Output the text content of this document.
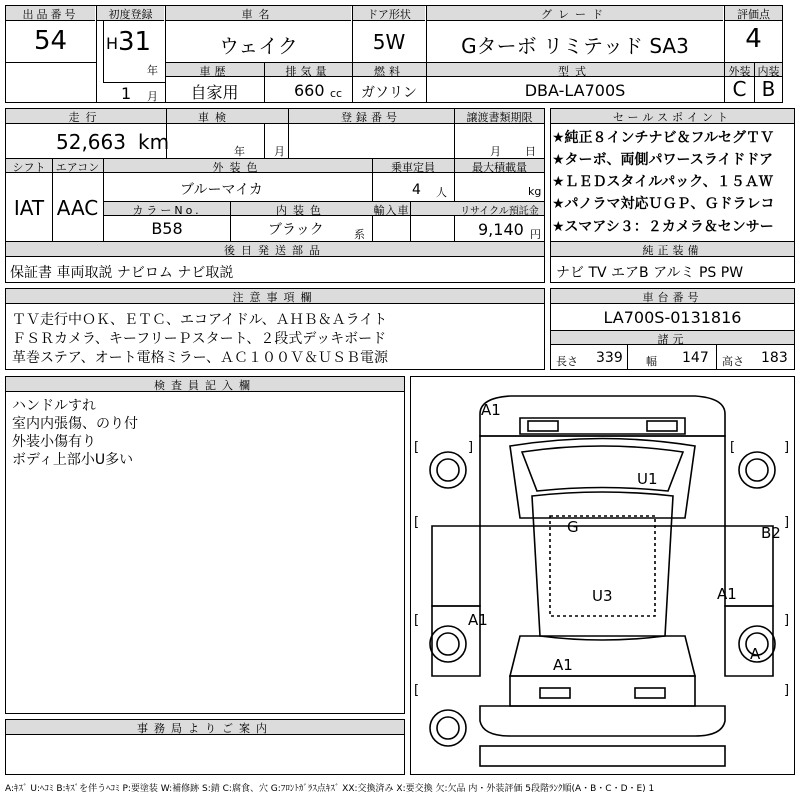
出品番号
54
初度登録
H 31
年
車名
ウェイク
ドア形状
5W
グレード
Gターボ リミテッド SA3
評価点
4
1 月
車歴
自家用
排気量
660 cc
燃料
ガソリン
型式
DBA-LA700S
外装 内装
C B
走行
52,663 km
車検
年	月
登録番号	譲渡書類期限
月 日
シフト エアコン
IAT AAC
外装色
ブルーマイカ
乗車定員
4 人
最大積載量
kg
カラーNo.
B58
内装色
ブラック	系
輸入車	リサイクル預託金
9,140 円
後日発送部品
保証書 車両取説 ナビロム ナビ取説
セールスポイント
★純正８インチナビ＆フルセグＴＶ
★ターボ、両側パワースライドドア
★ＬＥＤスタイルパック、１５ＡＷ
★パノラマ対応ＵＧＰ、Ｇドラレコ
★スマアシ３：２カメラ＆センサー
純正装備
ナビ TV エアB アルミ PS PW
注意事項欄
ＴＶ走行中ＯＫ、ＥＴＣ、エコアイドル、ＡＨＢ＆Ａライト
ＦＳＲカメラ、キーフリーＰスタート、２段式デッキボード
革巻ステア、オート電格ミラー、ＡＣ１００Ｖ＆ＵＳＢ電源
車台番号
LA700S-0131816
諸元
長さ 339 幅 147 高さ 183
検査員記入欄
ハンドルすれ
室内内張傷、のり付
外装小傷有り
ボディ上部小U多い
事務局よりご案内
[	]	[	]
[	]
[	]
[	]
A1
U1
G	B2
U3
A1
A1
A1
A
A:ｷｽﾞ U:ﾍｺﾐ B:ｷｽﾞを伴うﾍｺﾐ P:要塗装 W:補修跡 S:錆 C:腐食、穴 G:ﾌﾛﾝﾄｶﾞﾗｽ点ｷｽﾞ XX:交換済み X:要交換 欠:欠品 内・外装評価 5段階ﾗﾝｸ順(A・B・C・D・E) 1
